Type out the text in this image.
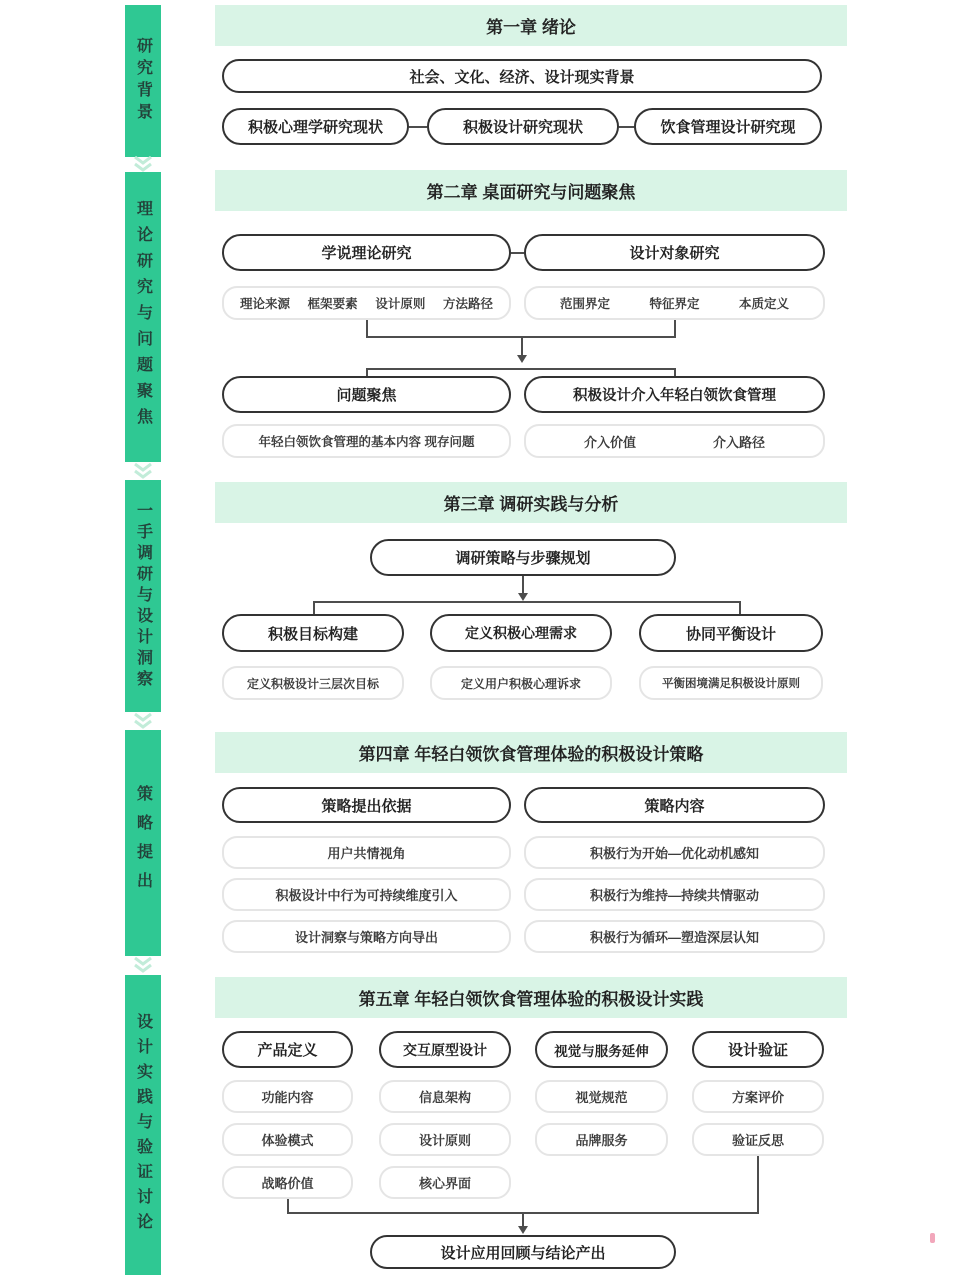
研究背景
理论研究与问题聚焦
一手调研与设计洞察
策略提出
设计实践与验证讨论
第一章 绪论
社会、文化、经济、设计现实背景
积极心理学研究现状	积极设计研究现状	饮食管理设计研究现
第二章 桌面研究与问题聚焦
学说理论研究	设计对象研究
理论来源 框架要素 设计原则 方法路径	范围界定	特征界定	本质定义
问题聚焦	积极设计介入年轻白领饮食管理
年轻白领饮食管理的基本内容 现存问题	介入价值	介入路径
第三章 调研实践与分析
调研策略与步骤规划
积极目标构建	定义积极心理需求	协同平衡设计
定义积极设计三层次目标	定义用户积极心理诉求	平衡困境满足积极设计原则
第四章 年轻白领饮食管理体验的积极设计策略
策略提出依据	策略内容
用户共情视角	积极行为开始—优化动机感知
积极设计中行为可持续维度引入	积极行为维持—持续共情驱动
设计洞察与策略方向导出	积极行为循环—塑造深层认知
第五章 年轻白领饮食管理体验的积极设计实践
产品定义	交互原型设计	视觉与服务延伸	设计验证
功能内容	信息架构	视觉规范	方案评价
体验模式	设计原则	品牌服务	验证反思
战略价值	核心界面
设计应用回顾与结论产出
